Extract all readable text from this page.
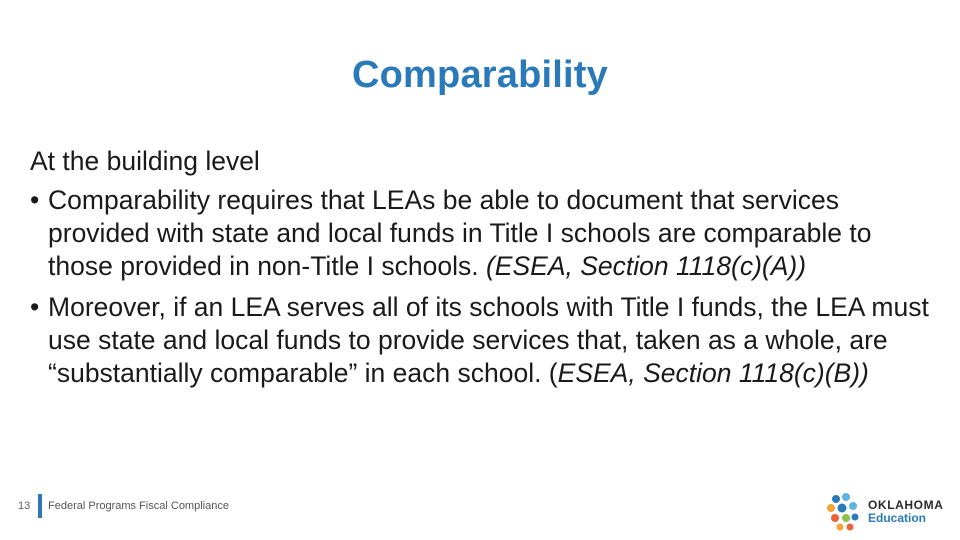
Comparability

At the building level

• Comparability requires that LEAs be able to document that services provided with state and local funds in Title I schools are comparable to those provided in non-Title I schools. (ESEA, Section 1118(c)(A))

• Moreover, if an LEA serves all of its schools with Title I funds, the LEA must use state and local funds to provide services that, taken as a whole, are “substantially comparable” in each school. (ESEA, Section 1118(c)(B))

13 Federal Programs Fiscal Compliance	OKLAHOMA
Education
